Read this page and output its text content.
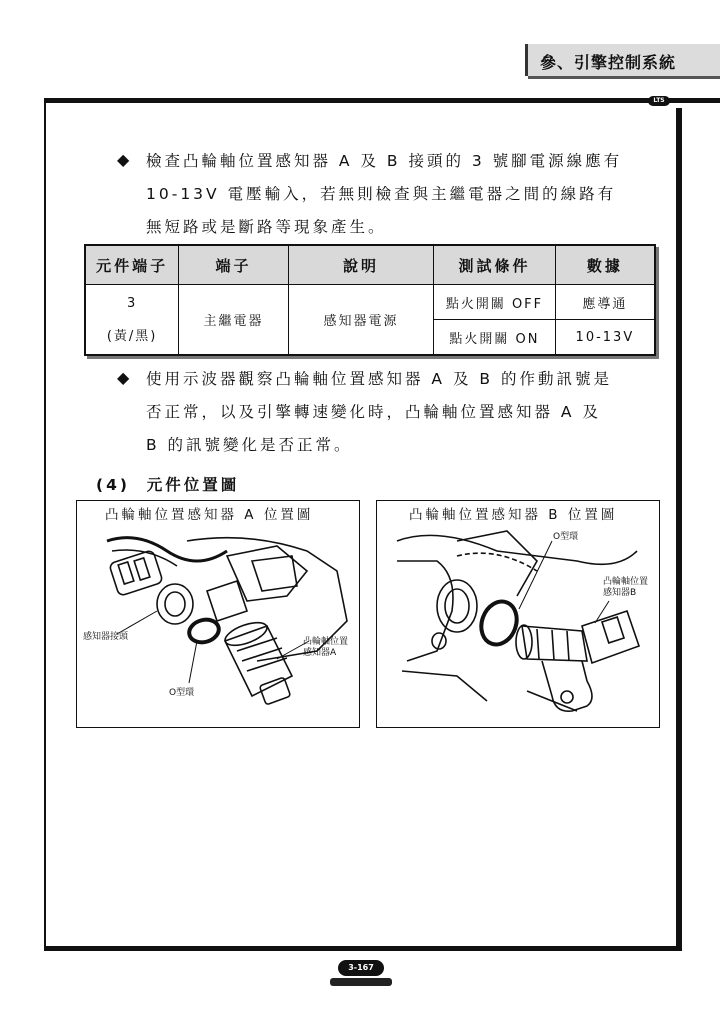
參、引擎控制系統
LTS
◆ 檢查凸輪軸位置感知器 A 及 B 接頭的 3 號腳電源線應有
10-13V 電壓輸入，若無則檢查與主繼電器之間的線路有
無短路或是斷路等現象產生。
元件端子	端子	說明	測試條件	數據

3
(黃/黑)	主繼電器	感知器電源	點火開關 OFF	應導通
			點火開關 ON	10-13V
◆ 使用示波器觀察凸輪軸位置感知器 A 及 B 的作動訊號是
否正常，以及引擎轉速變化時，凸輪軸位置感知器 A 及
B 的訊號變化是否正常。
(4)  元件位置圖
凸輪軸位置感知器 A 位置圖
感知器接頭	凸輪軸位置
感知器A
O型環
凸輪軸位置感知器 B 位置圖
O型環
凸輪軸位置
感知器B
3-167
